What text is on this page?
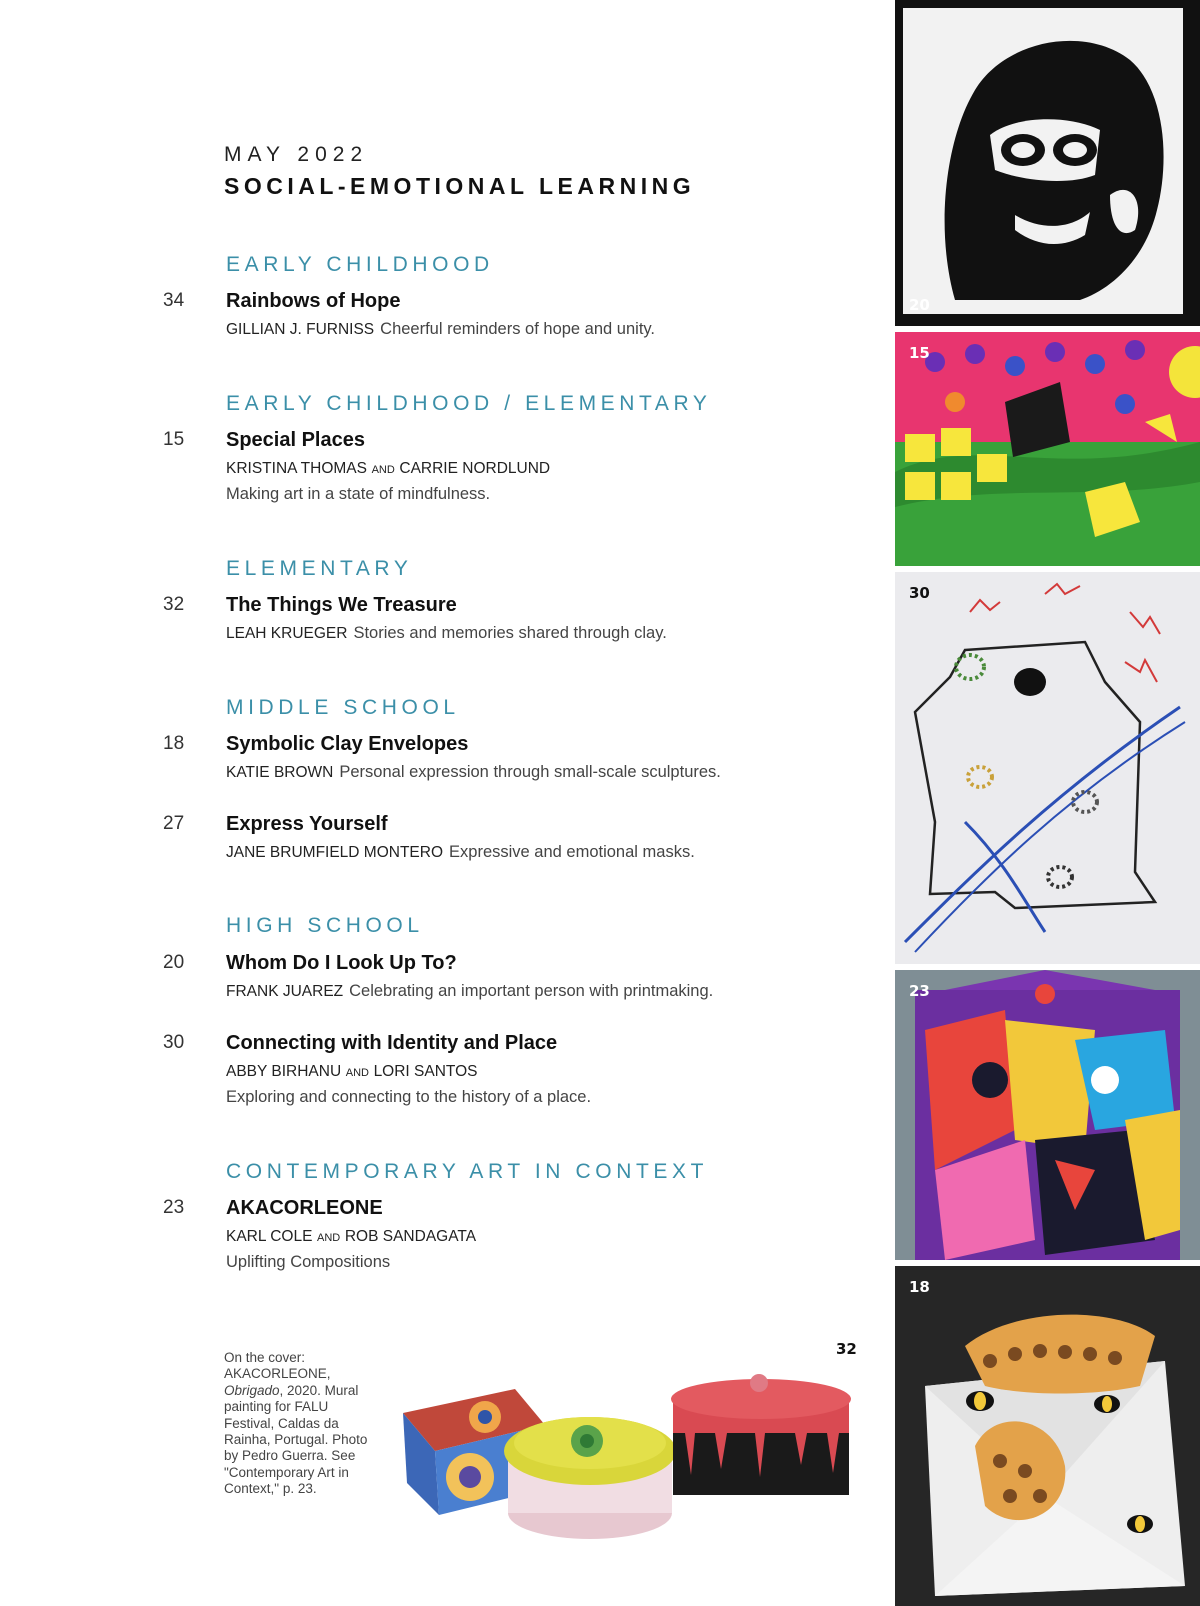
MAY 2022
SOCIAL-EMOTIONAL LEARNING
EARLY CHILDHOOD
34 Rainbows of Hope
GILLIAN J. FURNISS Cheerful reminders of hope and unity.
EARLY CHILDHOOD / ELEMENTARY
15 Special Places
KRISTINA THOMAS AND CARRIE NORDLUND
Making art in a state of mindfulness.
ELEMENTARY
32 The Things We Treasure
LEAH KRUEGER Stories and memories shared through clay.
MIDDLE SCHOOL
18 Symbolic Clay Envelopes
KATIE BROWN Personal expression through small-scale sculptures.
27 Express Yourself
JANE BRUMFIELD MONTERO Expressive and emotional masks.
HIGH SCHOOL
20 Whom Do I Look Up To?
FRANK JUAREZ Celebrating an important person with printmaking.
30 Connecting with Identity and Place
ABBY BIRHANU AND LORI SANTOS
Exploring and connecting to the history of a place.
CONTEMPORARY ART IN CONTEXT
23 AKACORLEONE
KARL COLE AND ROB SANDAGATA
Uplifting Compositions
On the cover: AKACORLEONE, Obrigado, 2020. Mural painting for FALU Festival, Caldas da Rainha, Portugal. Photo by Pedro Guerra. See "Contemporary Art in Context," p. 23.
32
20
15
30
23
18
